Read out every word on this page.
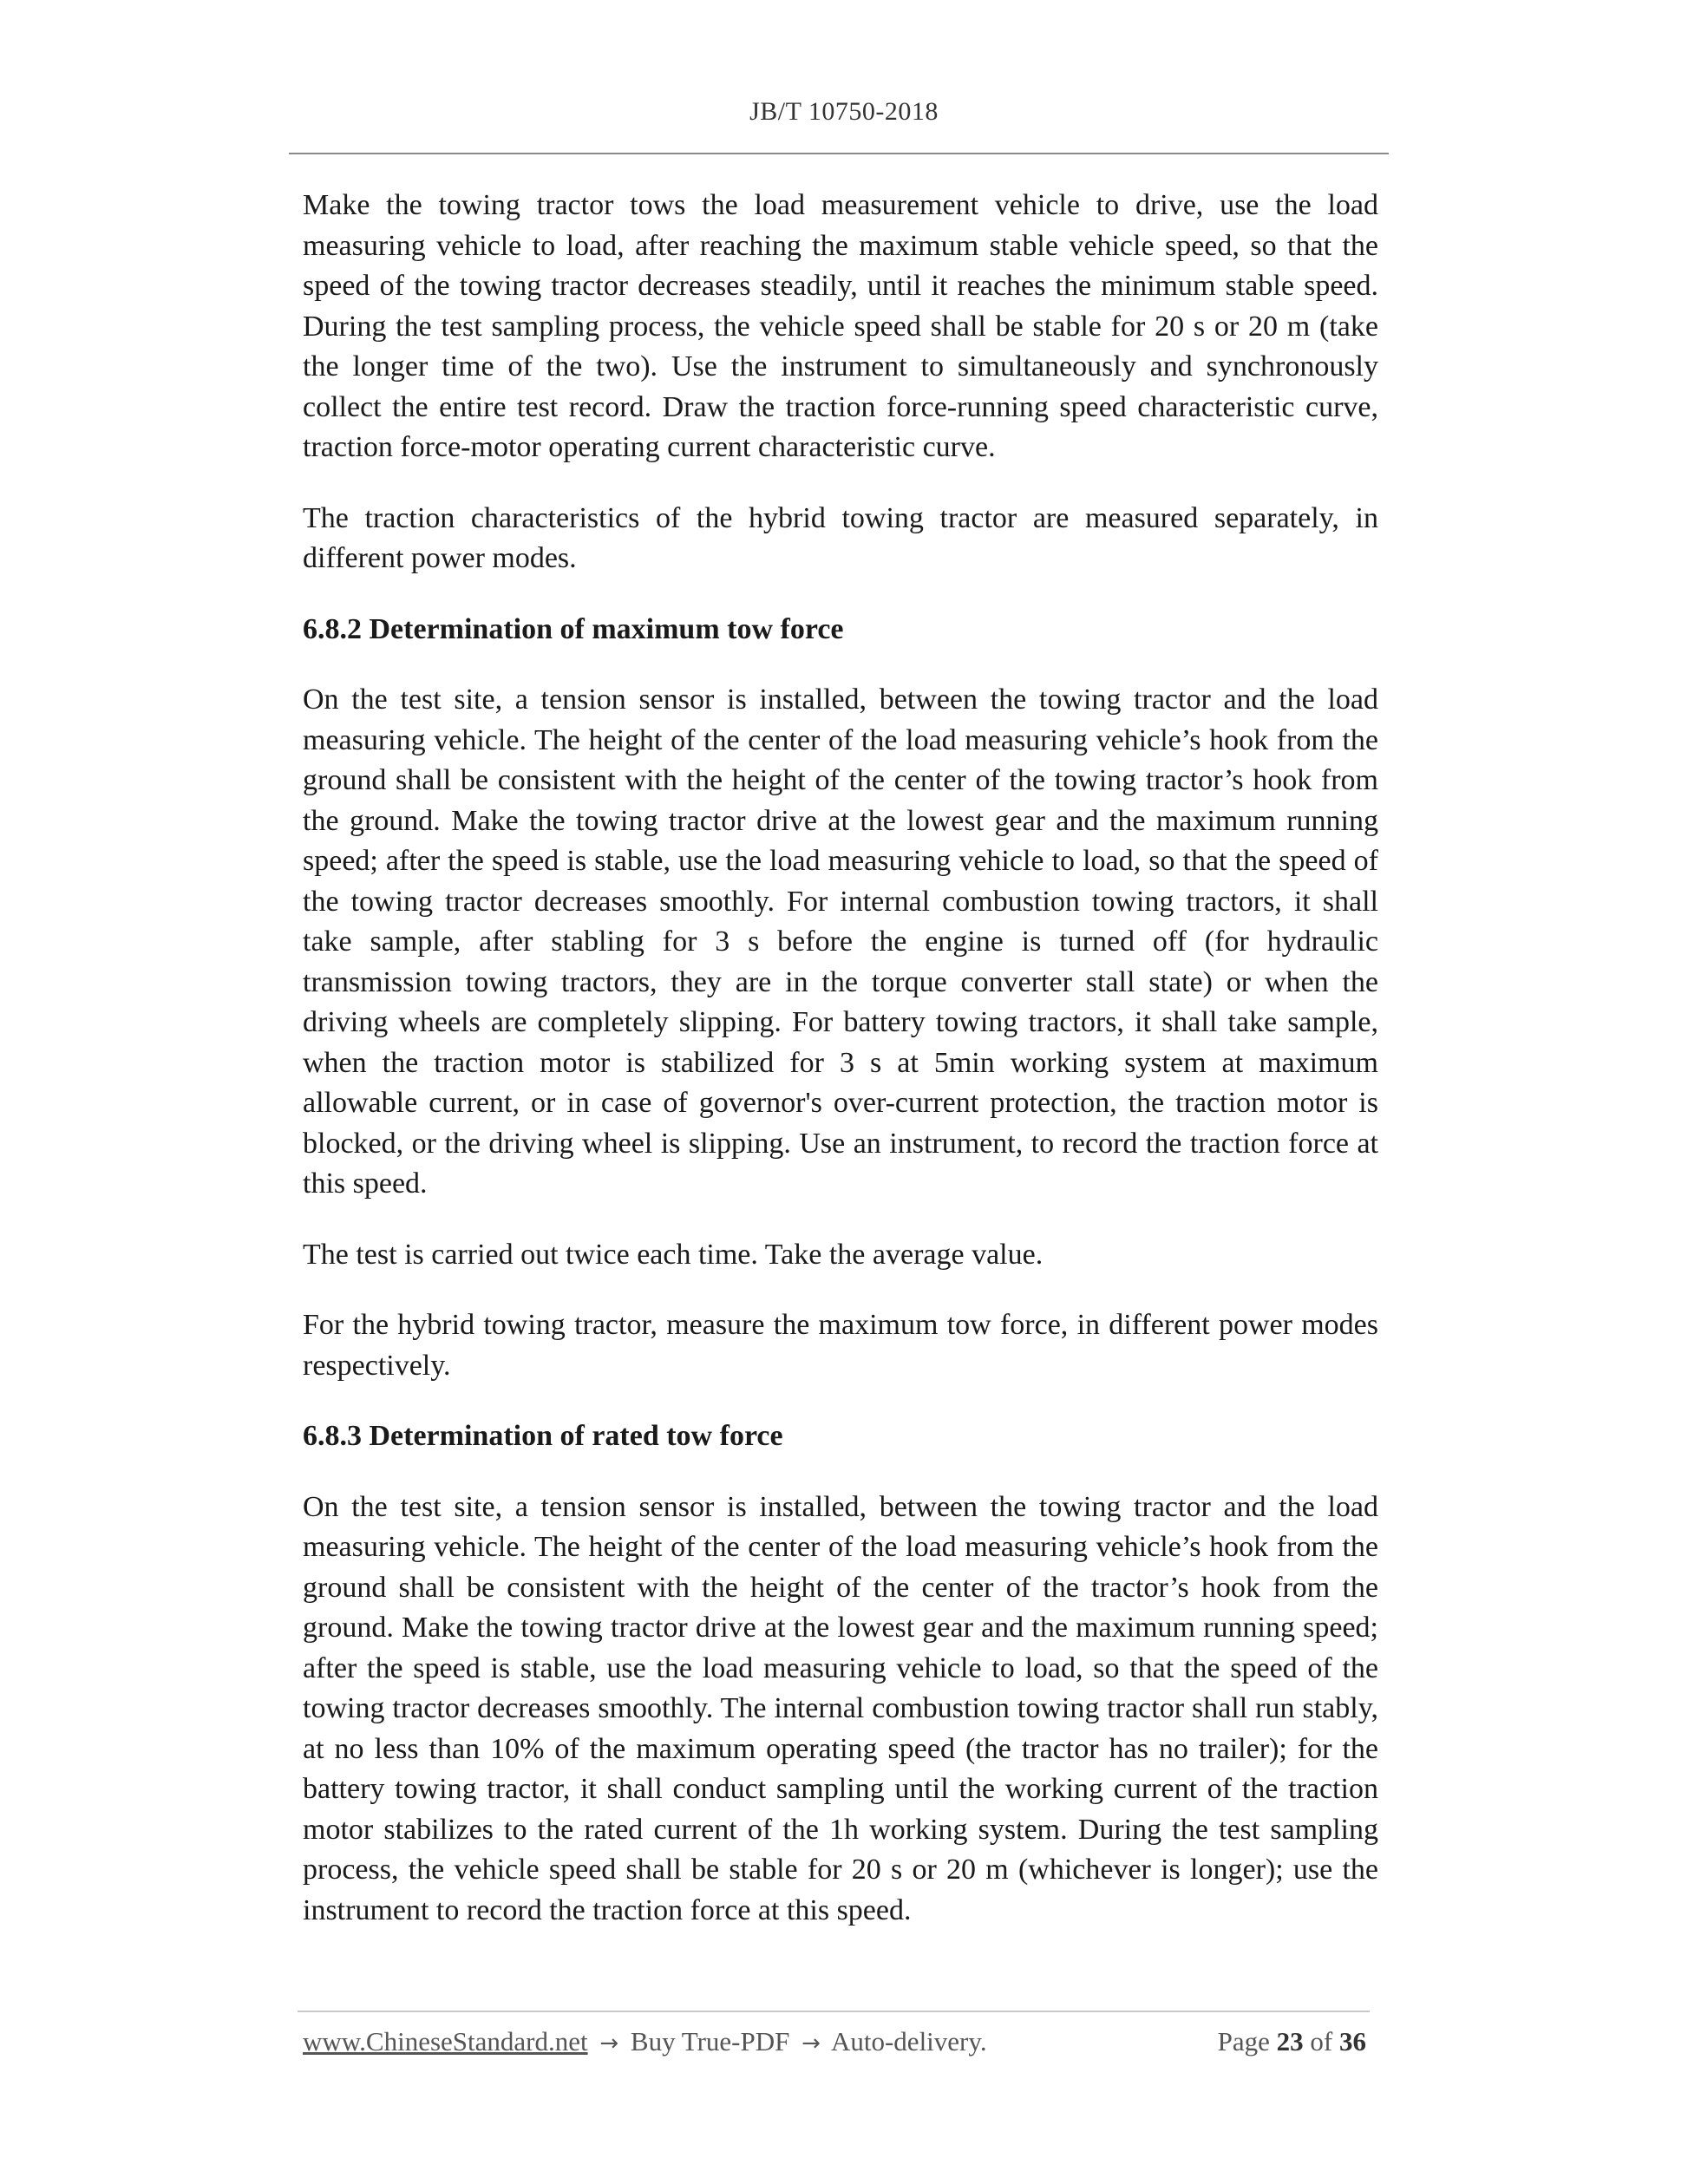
JB/T 10750-2018

Make the towing tractor tows the load measurement vehicle to drive, use the load measuring vehicle to load, after reaching the maximum stable vehicle speed, so that the speed of the towing tractor decreases steadily, until it reaches the minimum stable speed. During the test sampling process, the vehicle speed shall be stable for 20 s or 20 m (take the longer time of the two). Use the instrument to simultaneously and synchronously collect the entire test record. Draw the traction force-running speed characteristic curve, traction force-motor operating current characteristic curve.

The traction characteristics of the hybrid towing tractor are measured separately, in different power modes.

6.8.2 Determination of maximum tow force

On the test site, a tension sensor is installed, between the towing tractor and the load measuring vehicle. The height of the center of the load measuring vehicle’s hook from the ground shall be consistent with the height of the center of the towing tractor’s hook from the ground. Make the towing tractor drive at the lowest gear and the maximum running speed; after the speed is stable, use the load measuring vehicle to load, so that the speed of the towing tractor decreases smoothly. For internal combustion towing tractors, it shall take sample, after stabling for 3 s before the engine is turned off (for hydraulic transmission towing tractors, they are in the torque converter stall state) or when the driving wheels are completely slipping. For battery towing tractors, it shall take sample, when the traction motor is stabilized for 3 s at 5min working system at maximum allowable current, or in case of governor's over-current protection, the traction motor is blocked, or the driving wheel is slipping. Use an instrument, to record the traction force at this speed.

The test is carried out twice each time. Take the average value.

For the hybrid towing tractor, measure the maximum tow force, in different power modes respectively.

6.8.3 Determination of rated tow force

On the test site, a tension sensor is installed, between the towing tractor and the load measuring vehicle. The height of the center of the load measuring vehicle’s hook from the ground shall be consistent with the height of the center of the tractor’s hook from the ground. Make the towing tractor drive at the lowest gear and the maximum running speed; after the speed is stable, use the load measuring vehicle to load, so that the speed of the towing tractor decreases smoothly. The internal combustion towing tractor shall run stably, at no less than 10% of the maximum operating speed (the tractor has no trailer); for the battery towing tractor, it shall conduct sampling until the working current of the traction motor stabilizes to the rated current of the 1h working system. During the test sampling process, the vehicle speed shall be stable for 20 s or 20 m (whichever is longer); use the instrument to record the traction force at this speed.

www.ChineseStandard.net → Buy True-PDF → Auto-delivery.	Page 23 of 36
